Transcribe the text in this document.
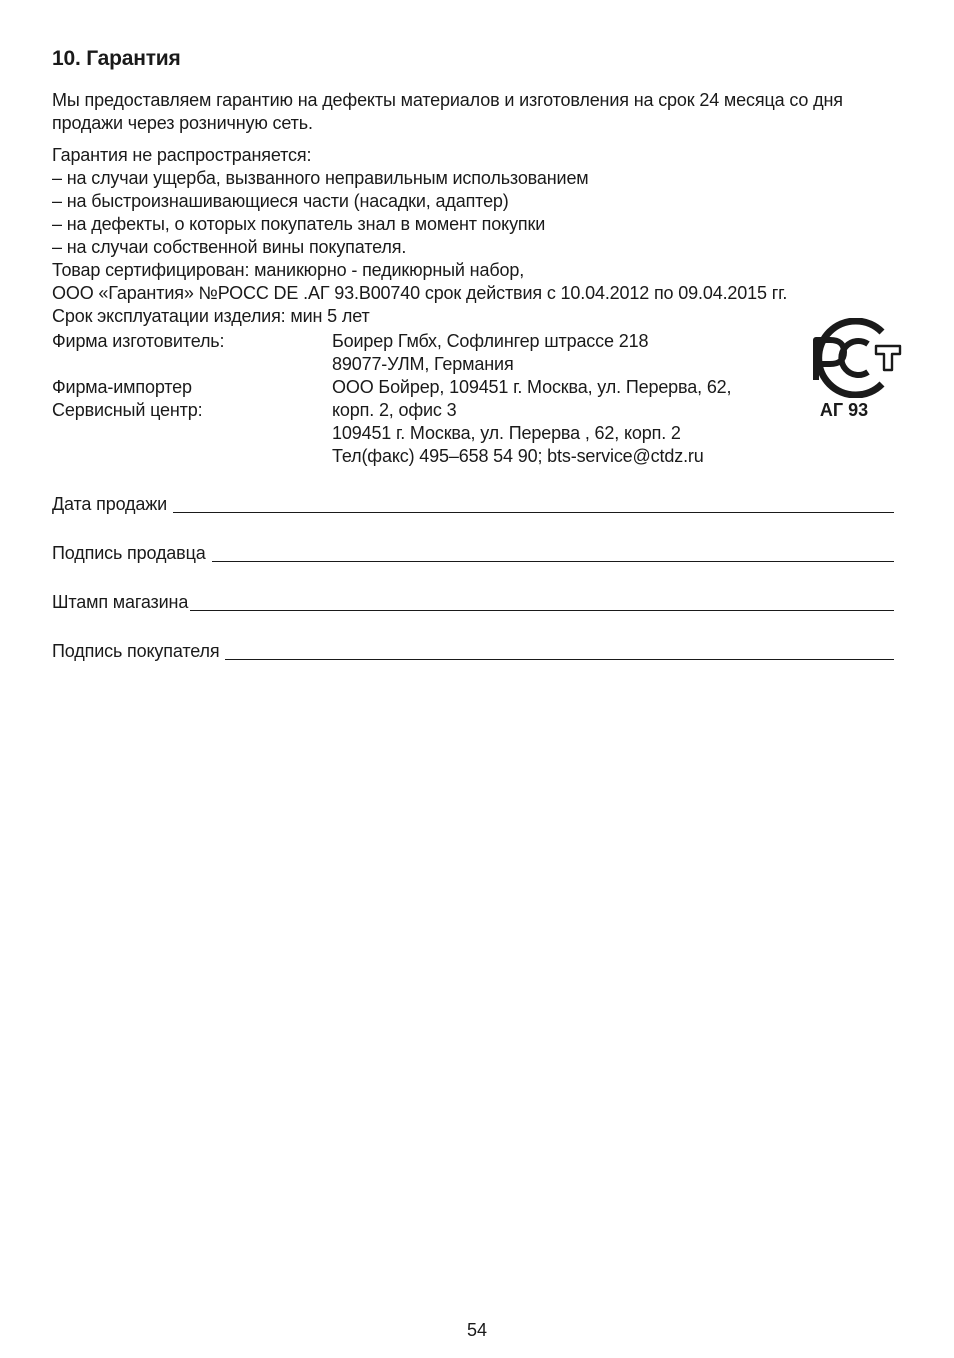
10. Гарантия
Мы предоставляем гарантию на дефекты материалов и изготовления на срок 24 месяца со дня продажи через розничную сеть.
Гарантия не распространяется:
– на случаи ущерба, вызванного неправильным использованием
– на быстроизнашивающиеся части (насадки, адаптер)
– на дефекты, о которых покупатель знал в момент покупки
– на случаи собственной вины покупателя.
Товар сертифицирован: маникюрно - педикюрный набор,
ООО «Гарантия» №РОСС DE .АГ 93.В00740 срок действия с 10.04.2012 по 09.04.2015 гг.
Срок эксплуатации изделия: мин 5 лет
Фирма изготовитель:	Боирер Гмбх, Софлингер штрассе 218
89077-УЛМ, Германия
Фирма-импортер	ООО Бойрер, 109451 г. Москва, ул. Перерва, 62,
Сервисный центр:	корп. 2, офис 3
109451 г. Москва, ул. Перерва , 62, корп. 2
Тел(факс) 495–658 54 90; bts-service@ctdz.ru
АГ 93
Дата продажи
Подпись продавца
Штамп магазина
Подпись покупателя
54
